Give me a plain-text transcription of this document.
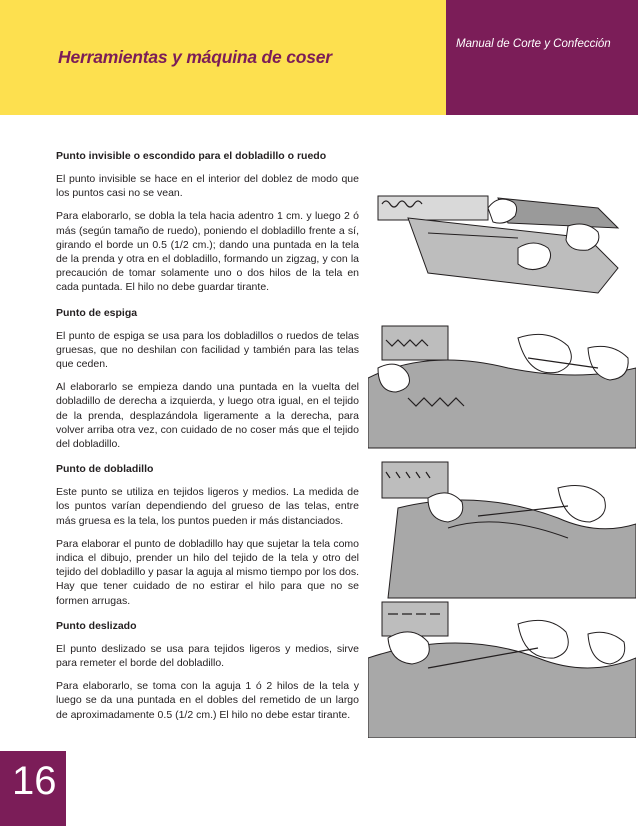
Herramientas y máquina de coser
Manual de Corte y Confección
Punto invisible o escondido para el dobladillo o ruedo

El punto invisible se hace en el interior del doblez de modo que los puntos casi no se vean.

Para elaborarlo, se dobla la tela hacia adentro 1 cm. y luego 2 ó más (según tamaño de ruedo), poniendo el dobladillo frente a sí, girando el borde un 0.5 (1/2 cm.); dando una puntada en la tela de la prenda y otra en el dobladillo, formando un zigzag, y con la precaución de tomar solamente uno o dos hilos de la tela en cada puntada. El hilo no debe guardar tirante.

Punto de espiga

El punto de espiga se usa para los dobladillos o ruedos de telas gruesas, que no deshilan con facilidad y también para las telas que ceden.

Al elaborarlo se empieza dando una puntada en la vuelta del dobladillo de derecha a izquierda, y luego otra igual, en el tejido de la prenda, desplazándola ligeramente a la derecha, para volver arriba otra vez, con cuidado de no coser más que el tejido del dobladillo.

Punto de dobladillo

Este punto se utiliza en tejidos ligeros y medios. La medida de los puntos varían dependiendo del grueso de las telas, entre más gruesa es la tela, los puntos pueden ir más distanciados.

Para elaborar el punto de dobladillo hay que sujetar la tela como indica el dibujo, prender un hilo del tejido de la tela y otro del tejido del dobladillo y pasar la aguja al mismo tiempo por los dos. Hay que tener cuidado de no estirar el hilo para que no se formen arrugas.

Punto deslizado

El punto deslizado se usa para tejidos ligeros y medios, sirve para remeter el borde del dobladillo.

Para elaborarlo, se toma con la aguja 1 ó 2 hilos de la tela y luego se da una puntada en el dobles del remetido de un largo de aproximadamente 0.5 (1/2 cm.) El hilo no debe estar tirante.

16
